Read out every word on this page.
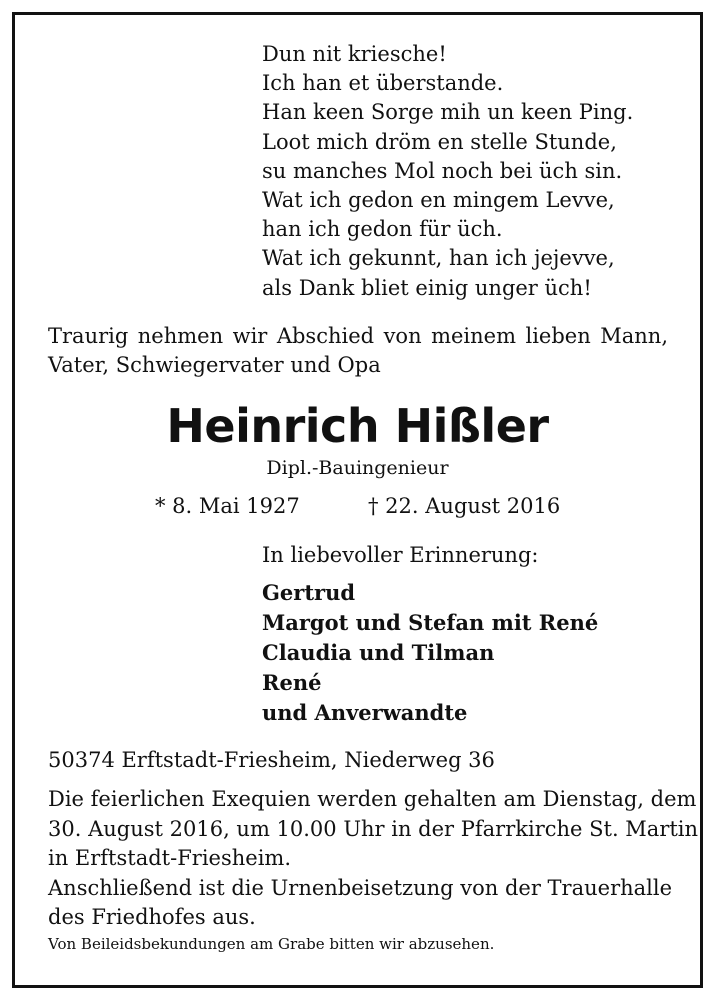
Dun nit kriesche!
Ich han et überstande.
Han keen Sorge mih un keen Ping.
Loot mich dröm en stelle Stunde,
su manches Mol noch bei üch sin.
Wat ich gedon en mingem Levve,
han ich gedon für üch.
Wat ich gekunnt, han ich jejevve,
als Dank bliet einig unger üch!
Traurig nehmen wir Abschied von meinem lieben Mann, Vater, Schwiegervater und Opa
Heinrich Hißler
Dipl.-Bauingenieur
* 8. Mai 1927	† 22. August 2016
In liebevoller Erinnerung:
Gertrud
Margot und Stefan mit René
Claudia und Tilman
René
und Anverwandte
50374 Erftstadt-Friesheim, Niederweg 36
Die feierlichen Exequien werden gehalten am Dienstag, dem
30. August 2016, um 10.00 Uhr in der Pfarrkirche St. Martin
in Erftstadt-Friesheim.
Anschließend ist die Urnenbeisetzung von der Trauerhalle
des Friedhofes aus.
Von Beileidsbekundungen am Grabe bitten wir abzusehen.
